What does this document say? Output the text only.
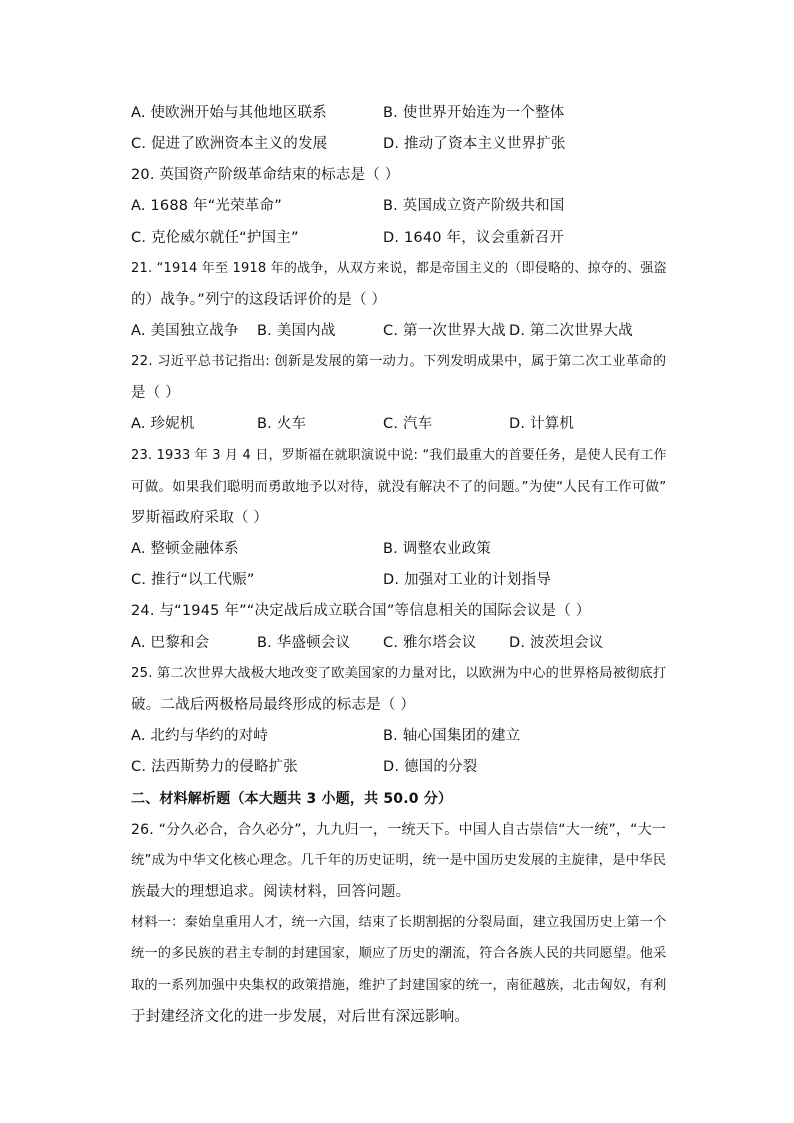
A. 使欧洲开始与其他地区联系	B. 使世界开始连为一个整体
C. 促进了欧洲资本主义的发展	D. 推动了资本主义世界扩张
20. 英国资产阶级革命结束的标志是（ ）
A. 1688 年“光荣革命”	B. 英国成立资产阶级共和国
C. 克伦威尔就任“护国主”	D. 1640 年，议会重新召开
21. “1914 年至 1918 年的战争，从双方来说，都是帝国主义的（即侵略的、掠夺的、强盗
的）战争。”列宁的这段话评价的是（ ）
A. 美国独立战争 B. 美国内战	C. 第一次世界大战 D. 第二次世界大战
22. 习近平总书记指出: 创新是发展的第一动力。下列发明成果中，属于第二次工业革命的
是（ ）
A. 珍妮机	B. 火车	C. 汽车	D. 计算机
23. 1933 年 3 月 4 日，罗斯福在就职演说中说: “我们最重大的首要任务，是使人民有工作
可做。如果我们聪明而勇敢地予以对待，就没有解决不了的问题。”为使“人民有工作可做”
罗斯福政府采取（ ）
A. 整顿金融体系	B. 调整农业政策
C. 推行“以工代赈”	D. 加强对工业的计划指导
24. 与“1945 年”“决定战后成立联合国”等信息相关的国际会议是（ ）
A. 巴黎和会	B. 华盛顿会议 C. 雅尔塔会议 D. 波茨坦会议
25. 第二次世界大战极大地改变了欧美国家的力量对比，以欧洲为中心的世界格局被彻底打
破。二战后两极格局最终形成的标志是（ ）
A. 北约与华约的对峙	B. 轴心国集团的建立
C. 法西斯势力的侵略扩张	D. 德国的分裂
二、材料解析题（本大题共 3 小题，共 50.0 分）
26. “分久必合，合久必分”，九九归一，一统天下。中国人自古崇信“大一统”，“大一
统”成为中华文化核心理念。几千年的历史证明，统一是中国历史发展的主旋律，是中华民
族最大的理想追求。阅读材料，回答问题。
材料一：秦始皇重用人才，统一六国，结束了长期割据的分裂局面，建立我国历史上第一个
统一的多民族的君主专制的封建国家，顺应了历史的潮流，符合各族人民的共同愿望。他采
取的一系列加强中央集权的政策措施，维护了封建国家的统一，南征越族，北击匈奴，有利
于封建经济文化的进一步发展，对后世有深远影响。
